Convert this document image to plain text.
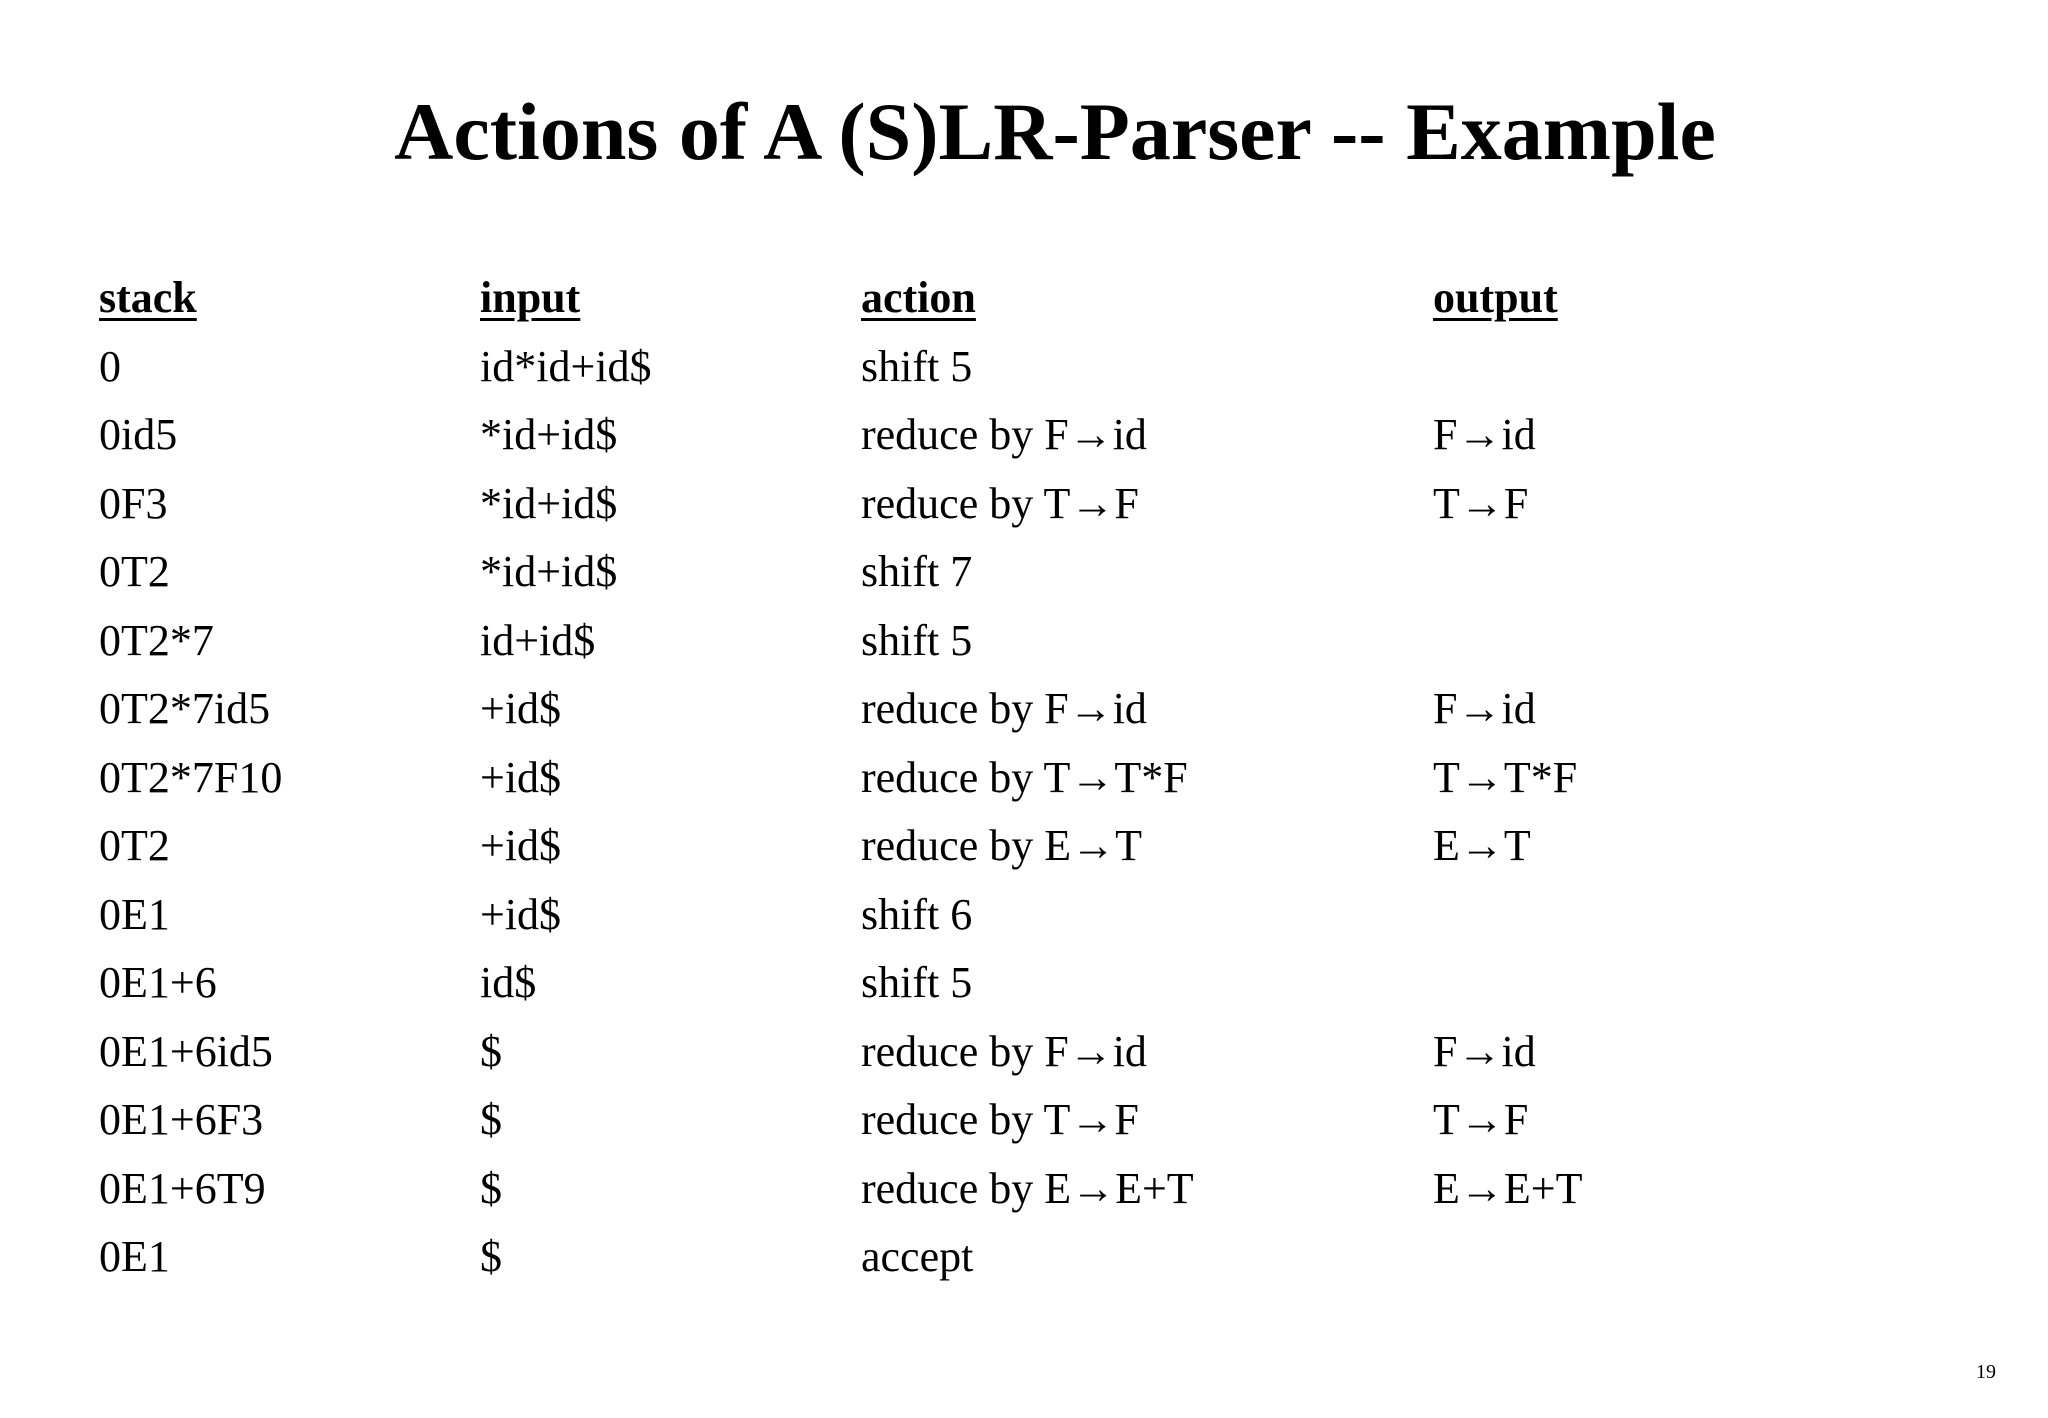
Actions of A (S)LR-Parser -- Example
stack	input	action	output
0	id*id+id$	shift 5
0id5	*id+id$	reduce by F→id	F→id
0F3	*id+id$	reduce by T→F	T→F
0T2	*id+id$	shift 7
0T2*7	id+id$	shift 5
0T2*7id5	+id$	reduce by F→id	F→id
0T2*7F10	+id$	reduce by T→T*F	T→T*F
0T2	+id$	reduce by E→T	E→T
0E1	+id$	shift 6
0E1+6	id$	shift 5
0E1+6id5	$	reduce by F→id	F→id
0E1+6F3	$	reduce by T→F	T→F
0E1+6T9	$	reduce by E→E+T	E→E+T
0E1	$	accept
19
